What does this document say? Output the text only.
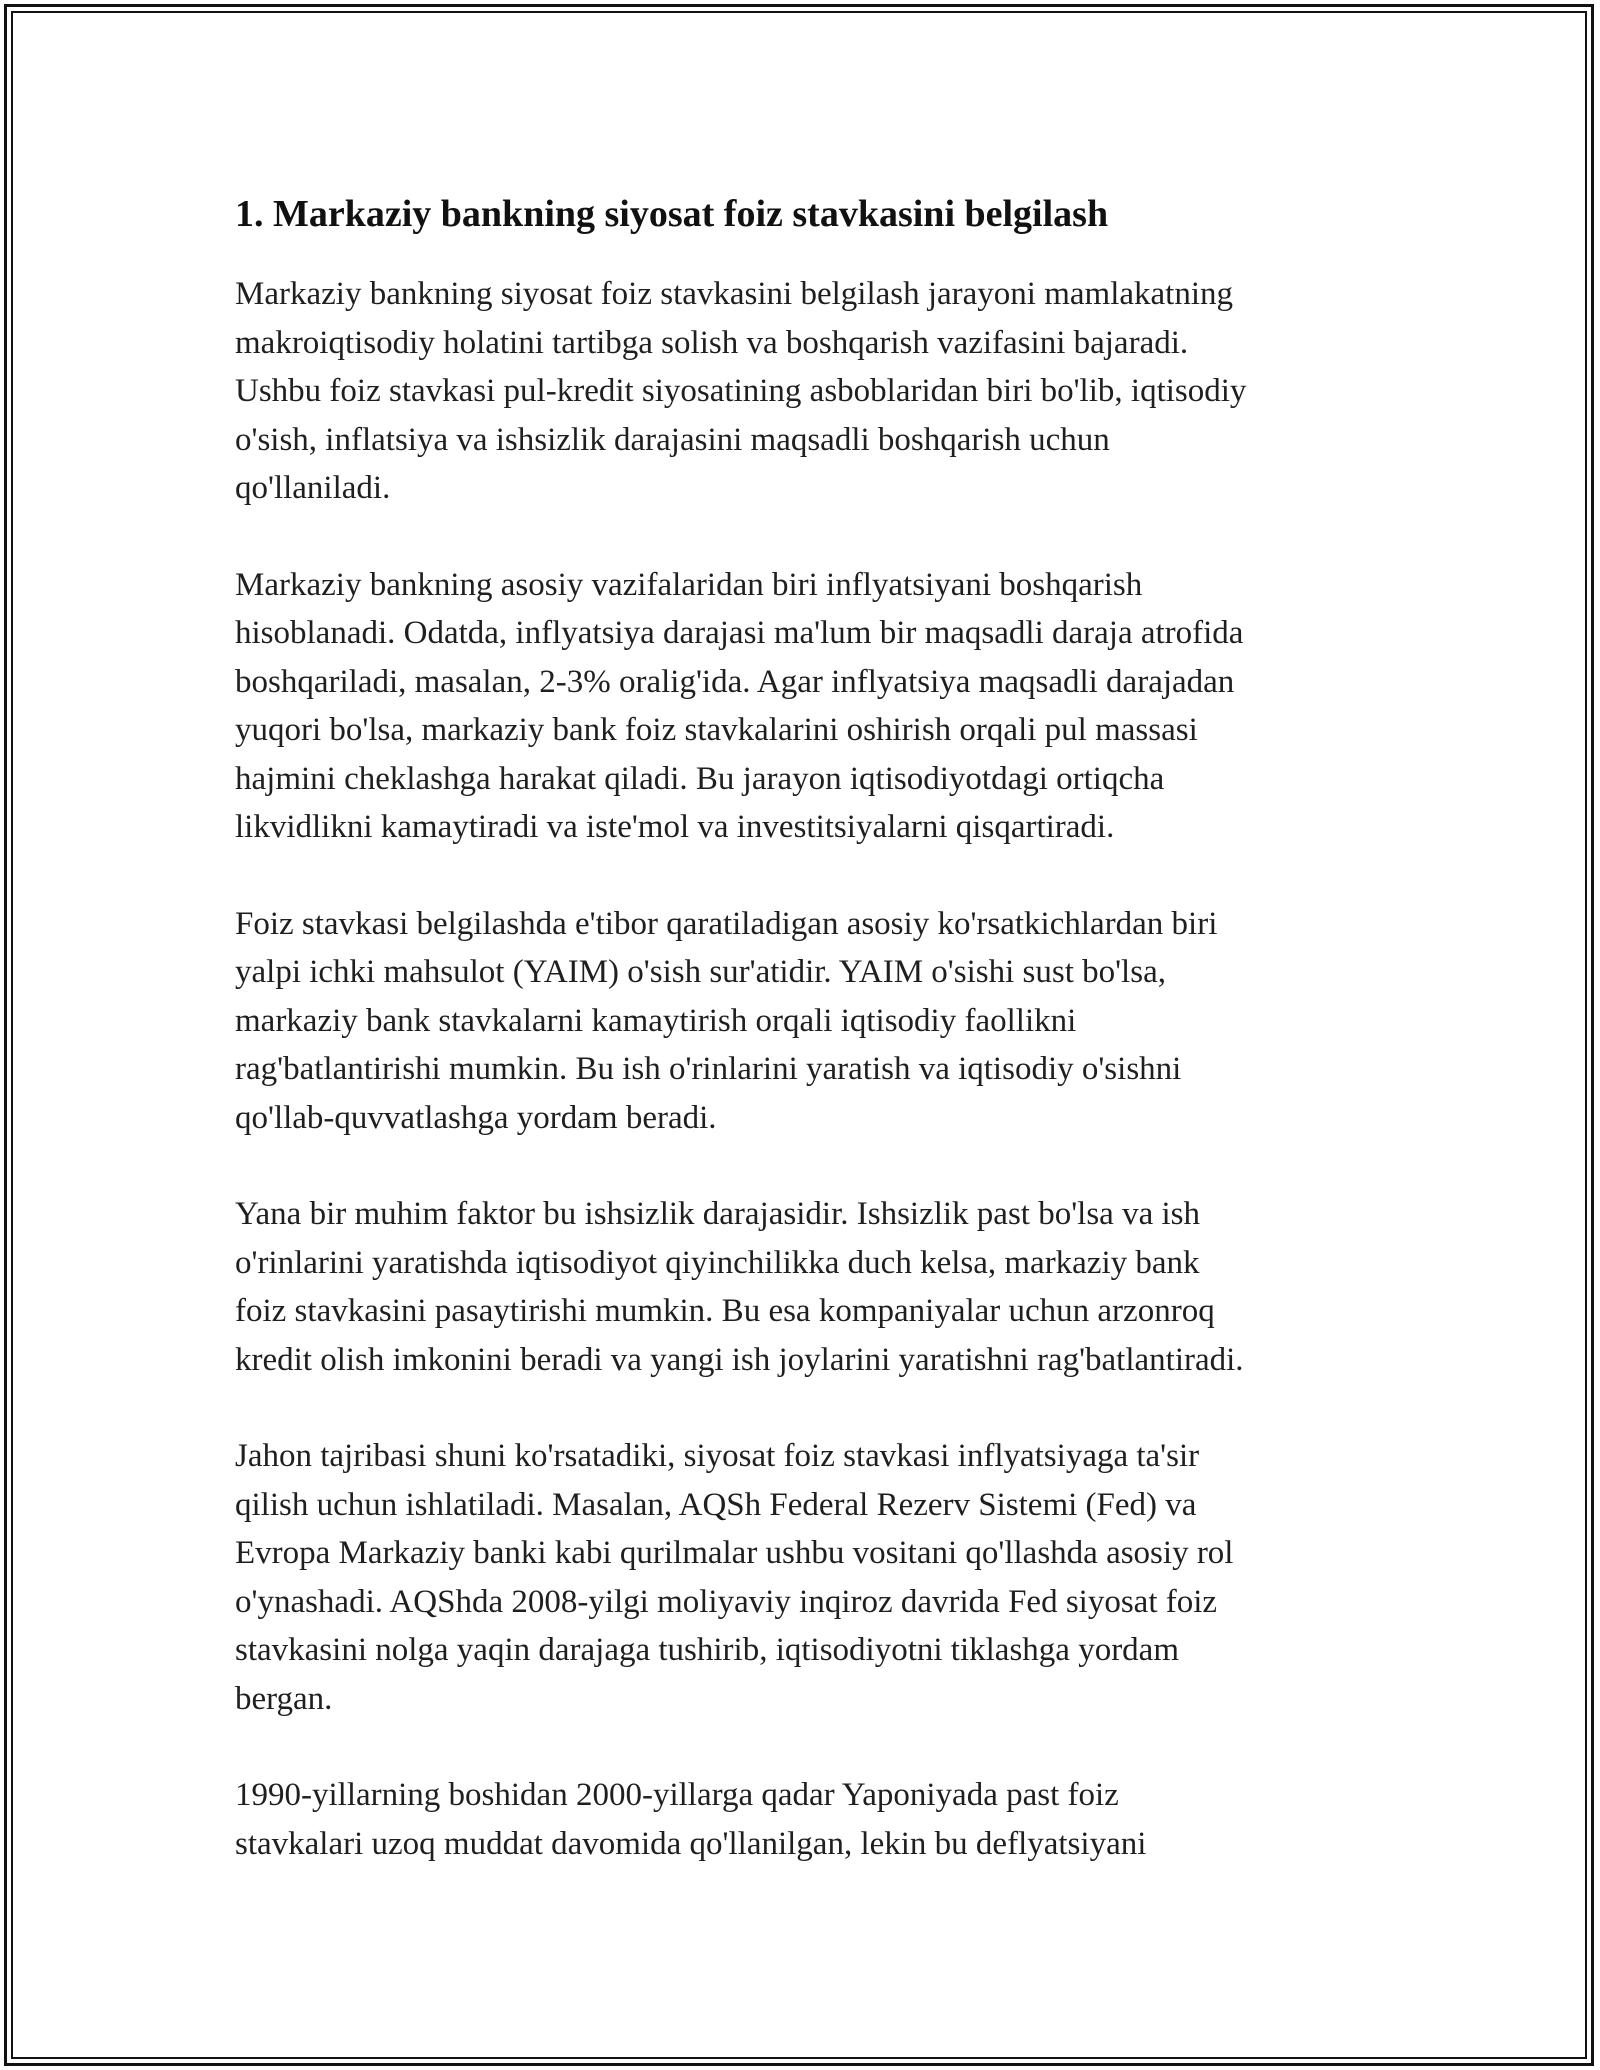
1. Markaziy bankning siyosat foiz stavkasini belgilash

Markaziy bankning siyosat foiz stavkasini belgilash jarayoni mamlakatning
makroiqtisodiy holatini tartibga solish va boshqarish vazifasini bajaradi.
Ushbu foiz stavkasi pul-kredit siyosatining asboblaridan biri bo'lib, iqtisodiy
o'sish, inflatsiya va ishsizlik darajasini maqsadli boshqarish uchun
qo'llaniladi.

Markaziy bankning asosiy vazifalaridan biri inflyatsiyani boshqarish
hisoblanadi. Odatda, inflyatsiya darajasi ma'lum bir maqsadli daraja atrofida
boshqariladi, masalan, 2-3% oralig'ida. Agar inflyatsiya maqsadli darajadan
yuqori bo'lsa, markaziy bank foiz stavkalarini oshirish orqali pul massasi
hajmini cheklashga harakat qiladi. Bu jarayon iqtisodiyotdagi ortiqcha
likvidlikni kamaytiradi va iste'mol va investitsiyalarni qisqartiradi.

Foiz stavkasi belgilashda e'tibor qaratiladigan asosiy ko'rsatkichlardan biri
yalpi ichki mahsulot (YAIM) o'sish sur'atidir. YAIM o'sishi sust bo'lsa,
markaziy bank stavkalarni kamaytirish orqali iqtisodiy faollikni
rag'batlantirishi mumkin. Bu ish o'rinlarini yaratish va iqtisodiy o'sishni
qo'llab-quvvatlashga yordam beradi.

Yana bir muhim faktor bu ishsizlik darajasidir. Ishsizlik past bo'lsa va ish
o'rinlarini yaratishda iqtisodiyot qiyinchilikka duch kelsa, markaziy bank
foiz stavkasini pasaytirishi mumkin. Bu esa kompaniyalar uchun arzonroq
kredit olish imkonini beradi va yangi ish joylarini yaratishni rag'batlantiradi.

Jahon tajribasi shuni ko'rsatadiki, siyosat foiz stavkasi inflyatsiyaga ta'sir
qilish uchun ishlatiladi. Masalan, AQSh Federal Rezerv Sistemi (Fed) va
Evropa Markaziy banki kabi qurilmalar ushbu vositani qo'llashda asosiy rol
o'ynashadi. AQShda 2008-yilgi moliyaviy inqiroz davrida Fed siyosat foiz
stavkasini nolga yaqin darajaga tushirib, iqtisodiyotni tiklashga yordam
bergan.

1990-yillarning boshidan 2000-yillarga qadar Yaponiyada past foiz
stavkalari uzoq muddat davomida qo'llanilgan, lekin bu deflyatsiyani
